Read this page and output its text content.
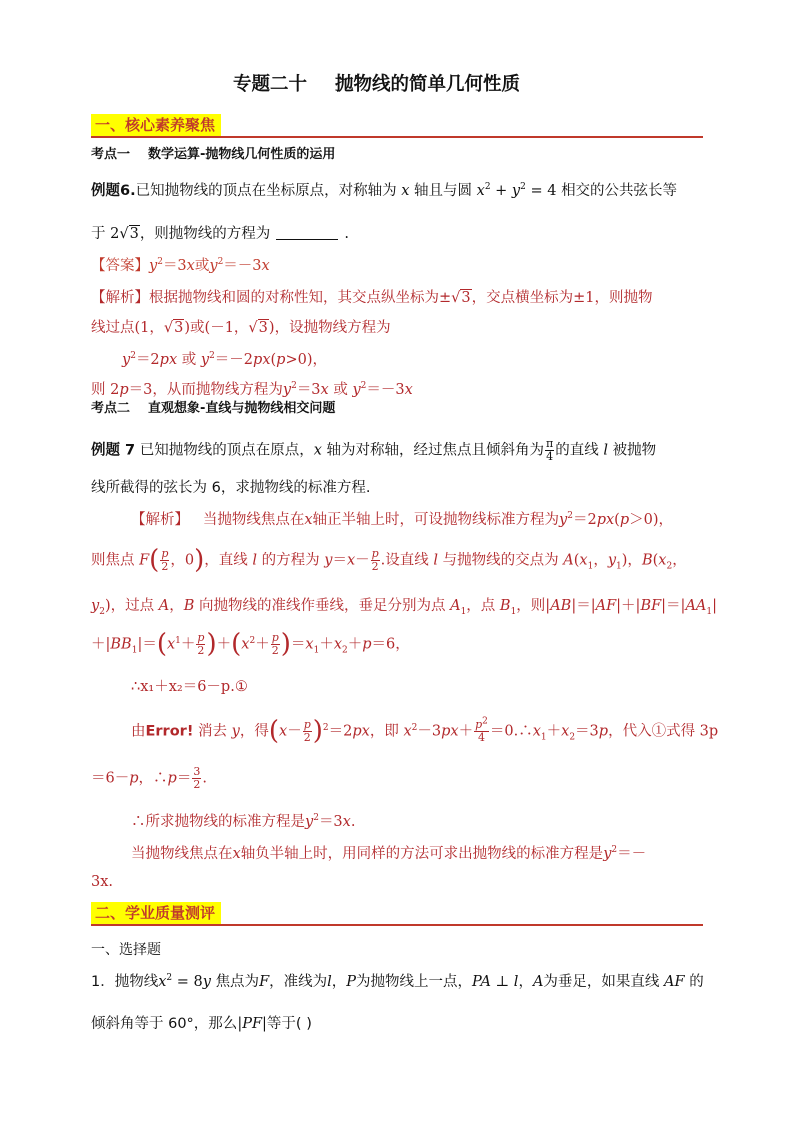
专题二十 抛物线的简单几何性质
一、核心素养聚焦
考点一 数学运算-抛物线几何性质的运用
例题6.已知抛物线的顶点在坐标原点，对称轴为 x 轴且与圆 $x^2 + y^2 = 4$ 相交的公共弦长等
于 2√3，则抛物线的方程为	.
【答案】$y^2=3x$或$y^2=-3x$
【解析】根据抛物线和圆的对称性知，其交点纵坐标为±√3，交点横坐标为±1，则抛物
线过点(1，√3)或(－1，√3)，设抛物线方程为
$y^2=2px$ 或 $y^2=-2px(p>0)$，
则 2p＝3，从而抛物线方程为$y^2=3x$ 或 $y^2=-3x$
考点二 直观想象-直线与抛物线相交问题
例题 7 已知抛物线的顶点在原点，x 轴为对称轴，经过焦点且倾斜角为 $\frac{\pi}{4}$ 的直线 l 被抛物
线所截得的弦长为 6，求抛物线的标准方程.
【解析】 当抛物线焦点在x轴正半轴上时，可设抛物线标准方程为$y^2=2px(p>0)$，
则焦点 $F( \frac{p}{2}$ ，0)，直线 l 的方程为 $y=x- \frac{p}{2}$ .设直线 l 与抛物线的交点为 $A(x_1$，$y_1$)，$B(x_2$，
$y_2$)，过点 A，B 向抛物线的准线作垂线，垂足分别为点 $A_1$，点 $B_1$，则$|AB|=|AF|+|BF|=|AA_1|$
$+|BB_1|=(x^1+ \frac{p}{2} )+(x^2+ \frac{p}{2} )=x_1+x_2+p=6$，
∴x₁＋x₂＝6－p.①
由Error! 消去 y，得$(x- \frac{p}{2} )^2=2px$，即 $x^2-3px+ \frac{p^2}{4}$ $=0.\therefore x_1+x_2=3p$，代入①式得 3p
＝6－p，∴p＝ $\frac{3}{2}$ .
∴所求抛物线的标准方程是$y^2=3x$.
当抛物线焦点在x轴负半轴上时，用同样的方法可求出抛物线的标准方程是$y^2=-$
3x.
二、学业质量测评
一、选择题
1．抛物线$x^2 = 8y$ 焦点为F，准线为l，P为抛物线上一点，PA ⊥ l，A为垂足，如果直线 AF 的
倾斜角等于 60°，那么|PF|等于( )
